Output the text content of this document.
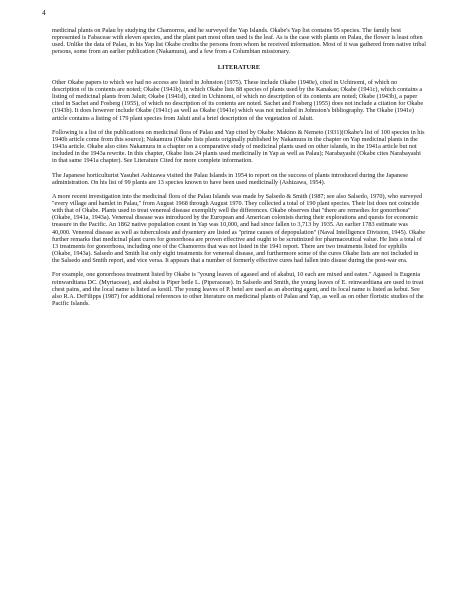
4

medicinal plants on Palau by studying the Chamorros, and he surveyed the Yap Islands. Okabe's Yap list contains 95 species. The family best represented is Fabaceae with eleven species, and the plant part most often used is the leaf. As is the case with plants on Palau, the flower is least often used. Unlike the data of Palau, in his Yap list Okabe credits the persons from whom he received information. Most of it was gathered from native tribal persons, some from an earlier publication (Nakamura), and a few from a Columbian missionary.

LITERATURE

Other Okabe papers to which we had no access are listed in Johnston (1975). These include Okabe (1940e), cited in Uchinomi, of which no description of its contents are noted; Okabe (1941b), in which Okabe lists 88 species of plants used by the Kanakas; Okabe (1941c), which contains a listing of medicinal plants from Jaluit; Okabe (1941d), cited in Uchinomi, of which no description of its contents are noted; Okabe (1943b), a paper cited in Sachet and Fosberg (1955), of which no description of its contents are noted. Sachet and Fosberg (1955) does not include a citation for Okabe (1943b). It does however include Okabe (1941c) as well as Okabe (1941e) which was not included in Johnston's bibliography. The Okabe (1941e) article contains a listing of 179 plant species from Jaluit and a brief description of the vegetation of Jaluit.

Following is a list of the publications on medicinal flora of Palau and Yap cited by Okabe: Makino & Nemeto (1931)(Okabe's list of 100 species in his 1940b article come from this source); Nakamura (Okabe lists plants originally published by Nakamura in the chapter on Yap medicinal plants in the 1943a article. Okabe also cites Nakamura in a chapter on a comparative study of medicinal plants used on other islands, in the 1941a article but not included in the 1943a rewrite. In this chapter, Okabe lists 24 plants used medicinally in Yap as well as Palau); Narabayashi (Okabe cites Narabayashi in that same 1941a chapter). See Literature Cited for more complete information.

The Japanese horticulturist Yasuhei Ashizawa visited the Palau Islands in 1954 to report on the success of plants introduced during the Japanese administration. On his list of 99 plants are 13 species known to have been used medicinally (Ashizawa, 1954).

A more recent investigation into the medicinal flora of the Palau Islands was made by Salsedo & Smith (1987; see also Salsedo, 1970), who surveyed "every village and hamlet in Palau," from August 1968 through August 1970. They collected a total of 190 plant species. Their list does not coincide with that of Okabe. Plants used to treat venereal disease exemplify well the differences. Okabe observes that "there are remedies for gonorrhoea" (Okabe, 1941a, 1943a). Venereal disease was introduced by the European and American colonists during their explorations and quests for economic treasure in the Pacific. An 1862 native population count in Yap was 10,000, and had since fallen to 3,713 by 1935. An earlier 1783 estimate was 40,000. Venereal disease as well as tuberculosis and dysentery are listed as "prime causes of depopulation" (Naval Intelligence Division, 1945). Okabe further remarks that medicinal plant cures for gonorrhoea are proven effective and ought to be scrutinized for pharmaceutical value. He lists a total of 13 treatments for gonorrhoea, including one of the Chamorros that was not listed in the 1941 report. There are two treatments listed for syphilis (Okabe, 1943a). Salsedo and Smith list only eight treatments for venereal disease, and furthermore some of the cures Okabe lists are not included in the Salsedo and Smith report, and vice versa. It appears that a number of formerly effective cures had fallen into disuse during the post-war era.

For example, one gonorrhoea treatment listed by Okabe is "young leaves of agaseel and of akabui, 10 each are mixed and eaten." Agaseel is Eugenia reinwardtiana DC. (Myrtaceae), and akabui is Piper betle L. (Piperaceae). In Salsedo and Smith, the young leaves of E. reinwardtiana are used to treat chest pains, and the local name is listed as kesiil. The young leaves of P. betel are used as an aborting agent, and its local name is listed as kebui. See also R.A. DeFilipps (1987) for additional references to other literature on medicinal plants of Palau and Yap, as well as on other floristic studies of the Pacific Islands.
